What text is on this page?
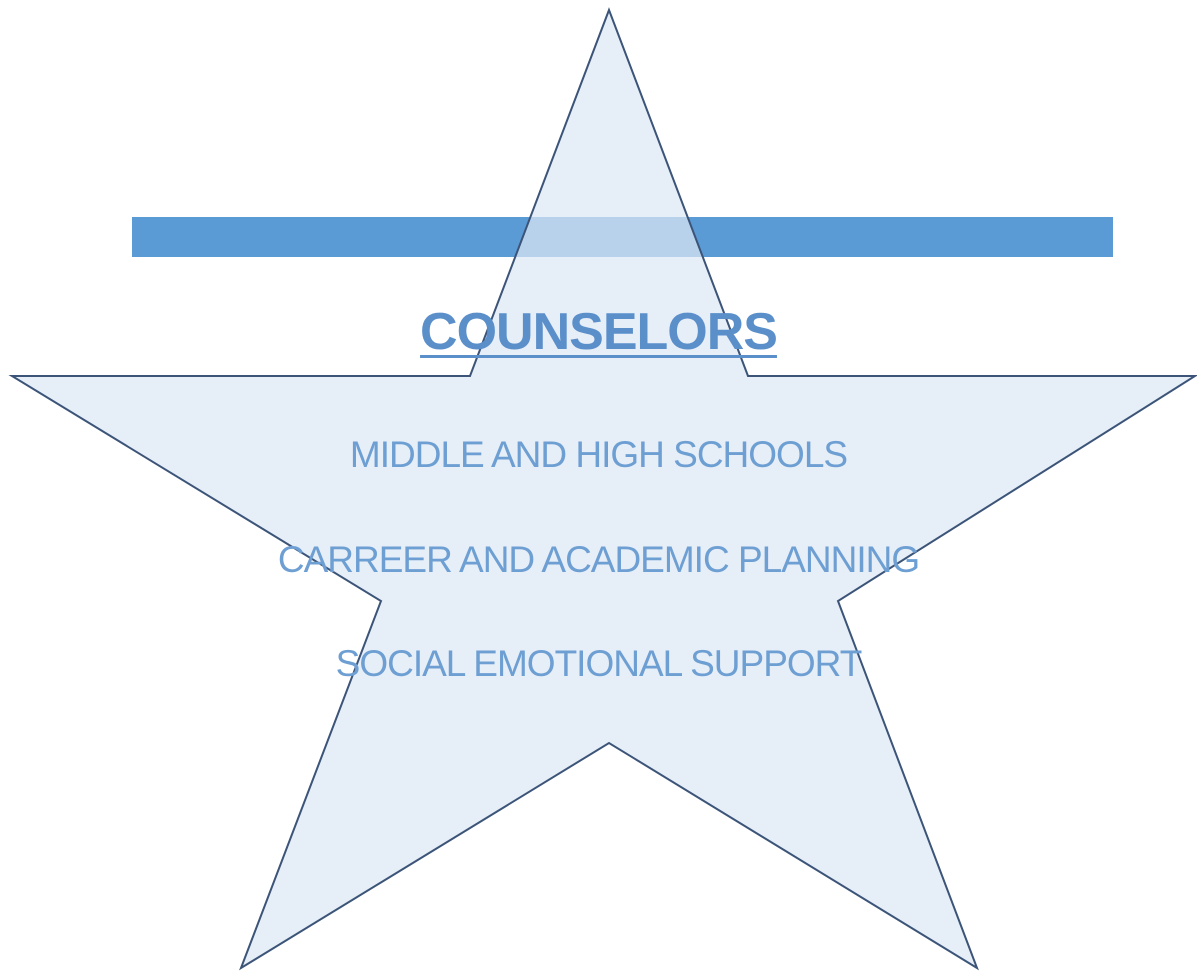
COUNSELORS
MIDDLE AND HIGH SCHOOLS
CARREER AND ACADEMIC PLANNING
SOCIAL EMOTIONAL SUPPORT
